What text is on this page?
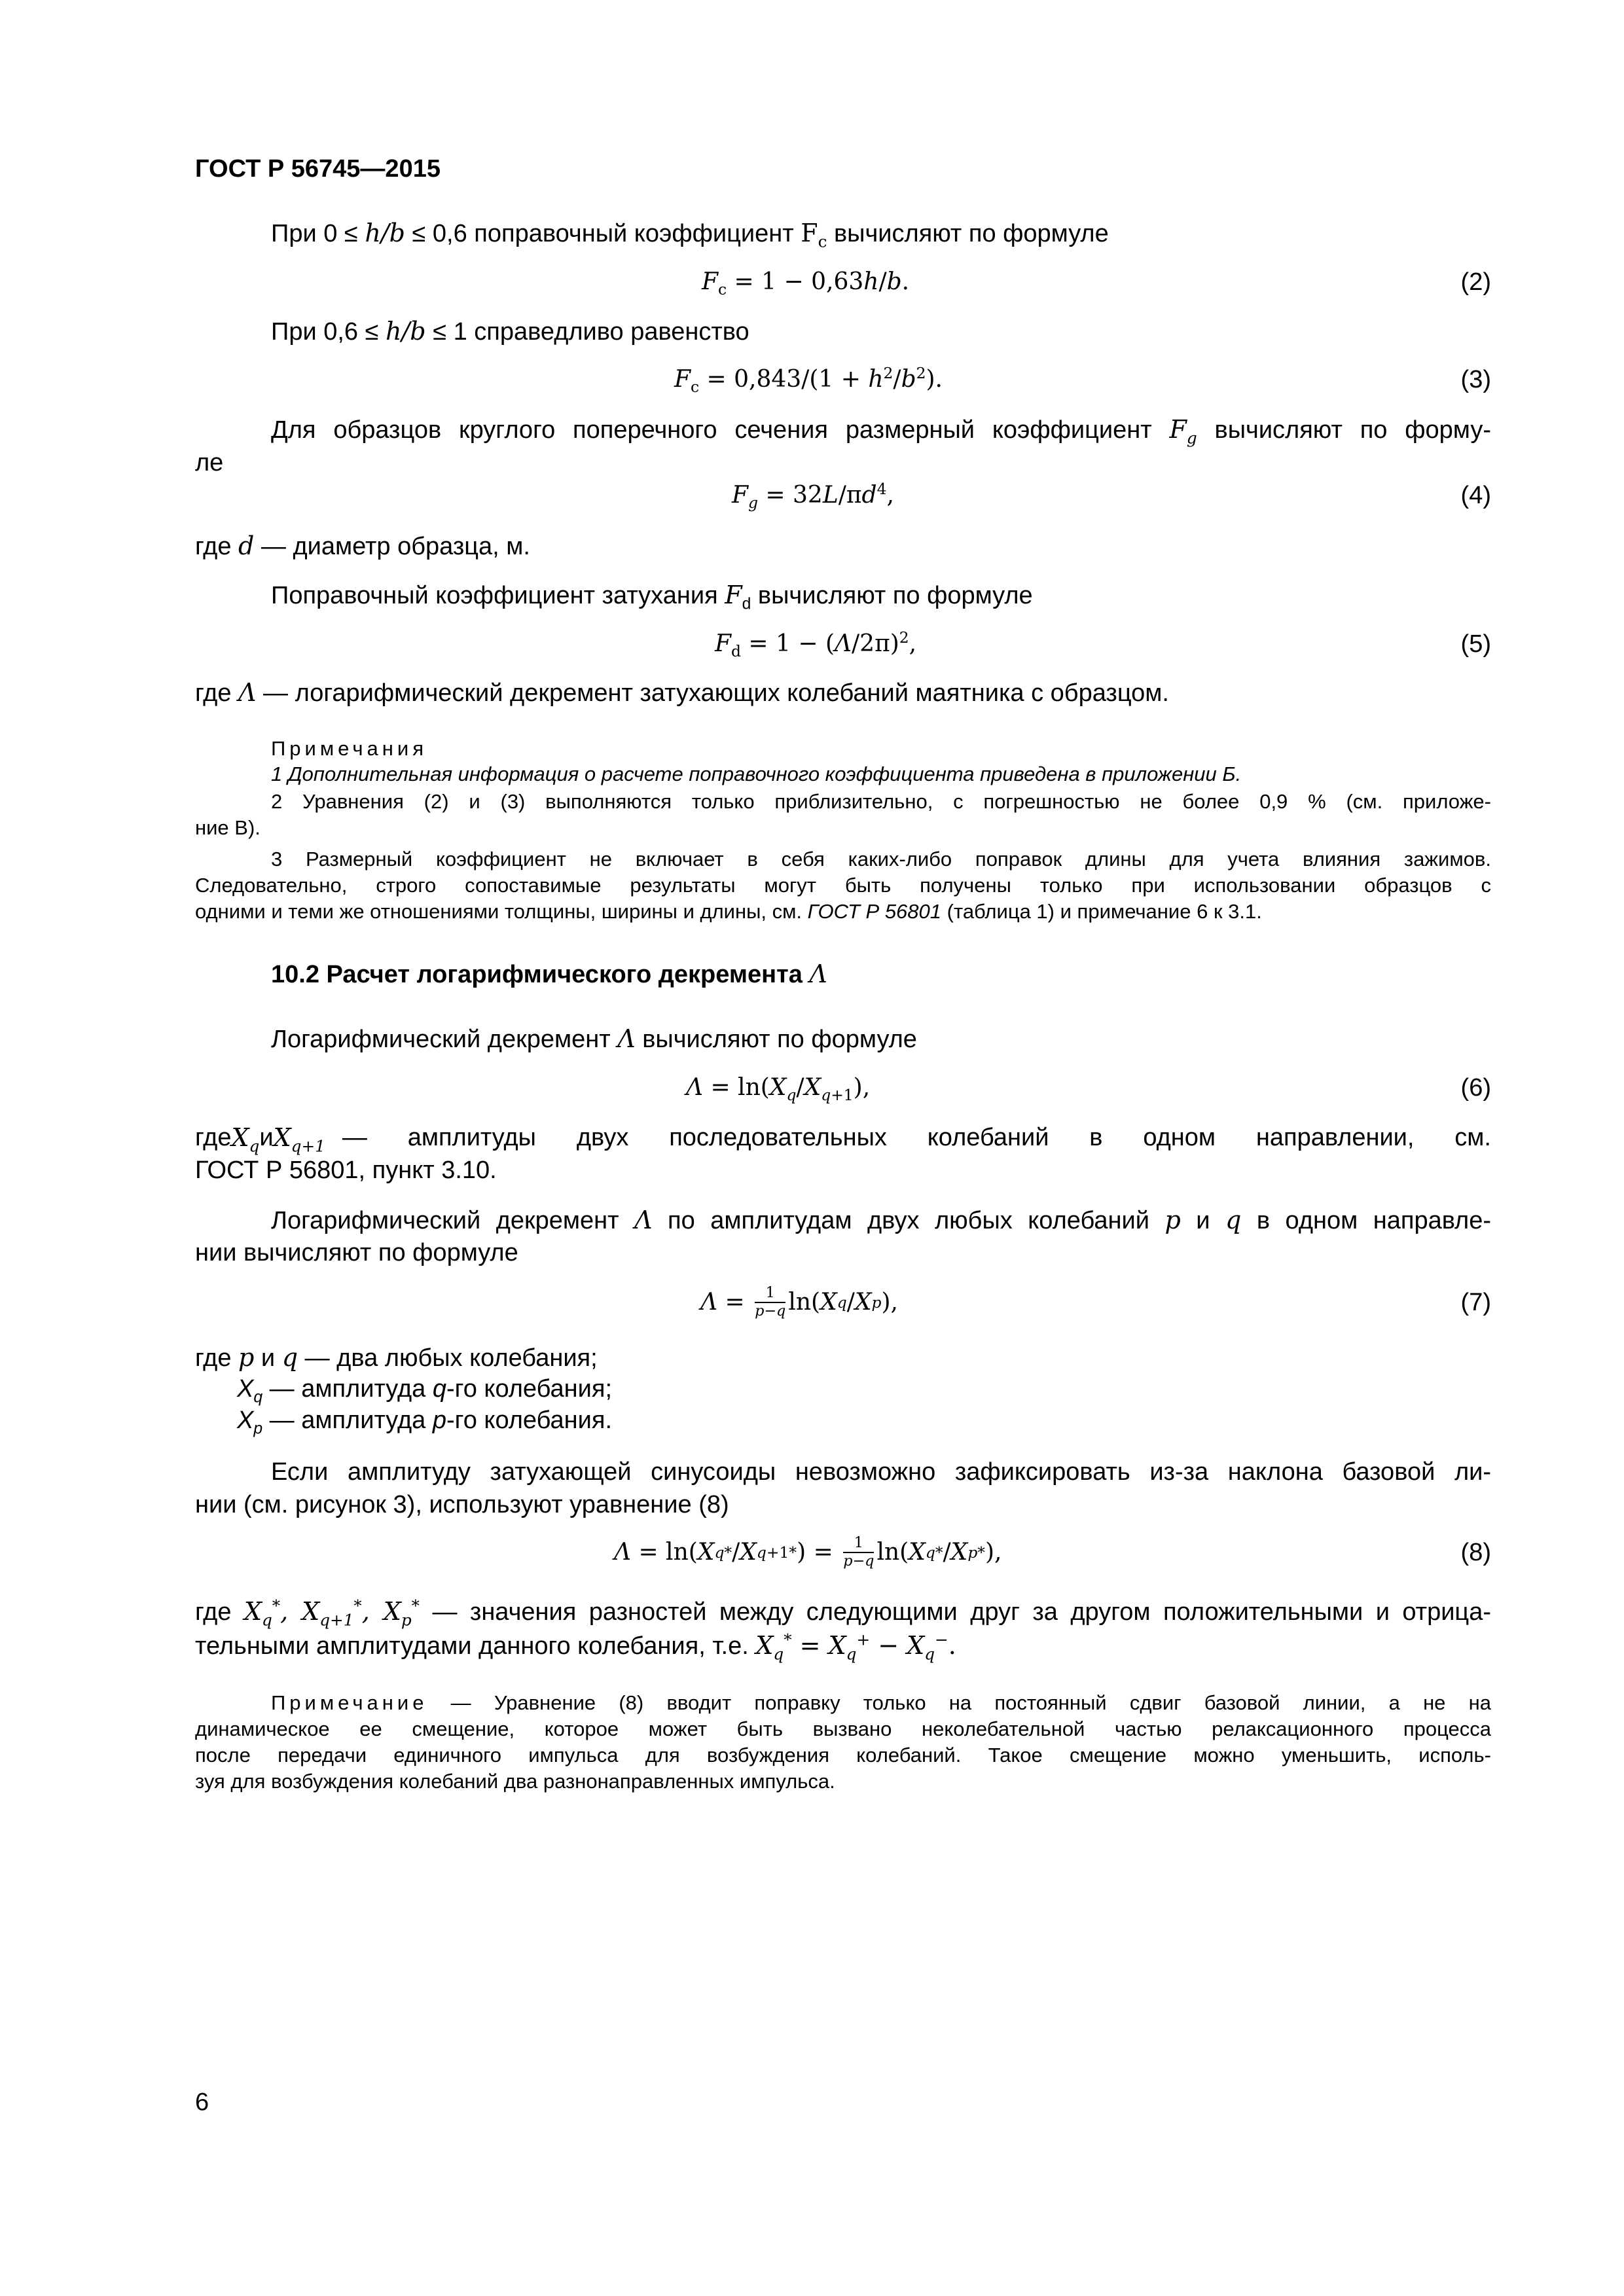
ГОСТ Р 56745—2015
При 0 ≤ h/b ≤ 0,6 поправочный коэффициент $F_c$ вычисляют по формуле
$F_c = 1 - 0,63h/b$.	(2)
При 0,6 ≤ h/b ≤ 1 справедливо равенство
$F_c = 0,843/(1 + h^2/b^2)$.	(3)
Для образцов круглого поперечного сечения размерный коэффициент $F_g$ вычисляют по форму-
ле
$F_g = 32L/\pi d^4$,	(4)
где d — диаметр образца, м.
Поправочный коэффициент затухания $F_d$ вычисляют по формуле
$F_d = 1 - (\Lambda/2\pi)^2$,	(5)
где Λ — логарифмический декремент затухающих колебаний маятника с образцом.
Примечания
1 Дополнительная информация о расчете поправочного коэффициента приведена в приложении Б.
2 Уравнения (2) и (3) выполняются только приблизительно, с погрешностью не более 0,9 % (см. приложе-
ние В).
3 Размерный коэффициент не включает в себя каких-либо поправок длины для учета влияния зажимов.
Следовательно, строго сопоставимые результаты могут быть получены только при использовании образцов с
одними и теми же отношениями толщины, ширины и длины, см. ГОСТ Р 56801 (таблица 1) и примечание 6 к 3.1.
10.2 Расчет логарифмического декремента Λ
Логарифмический декремент Λ вычисляют по формуле
$\Lambda = \ln(X_q/X_{q+1})$,	(6)
где $X_q$ и $X_{q+1}$ — амплитуды двух последовательных колебаний в одном направлении, см.
ГОСТ Р 56801, пункт 3.10.
Логарифмический декремент Λ по амплитудам двух любых колебаний p и q в одном направле-
нии вычисляют по формуле
$\Lambda = \frac{1}{p-q} \ln$( X q / X p ),	(7)
где p и q — два любых колебания;
$X_q$ — амплитуда q-го колебания;
$X_p$ — амплитуда p-го колебания.
Если амплитуду затухающей синусоиды невозможно зафиксировать из-за наклона базовой ли-
нии (см. рисунок 3), используют уравнение (8)
Λ = ln( X q * / X q+1 * ) = $\frac{1}{p-q} \ln$( X q * / X p * ),	(8)
где $X_q^*$, $X_{q+1}^*$, $X_p^*$ — значения разностей между следующими друг за другом положительными и отрица-
тельными амплитудами данного колебания, т.е. $X_q^* = X_q^+ - X_q^-$.
Примечание — Уравнение (8) вводит поправку только на постоянный сдвиг базовой линии, а не на
динамическое ее смещение, которое может быть вызвано неколебательной частью релаксационного процесса
после передачи единичного импульса для возбуждения колебаний. Такое смещение можно уменьшить, исполь-
зуя для возбуждения колебаний два разнонаправленных импульса.
6
